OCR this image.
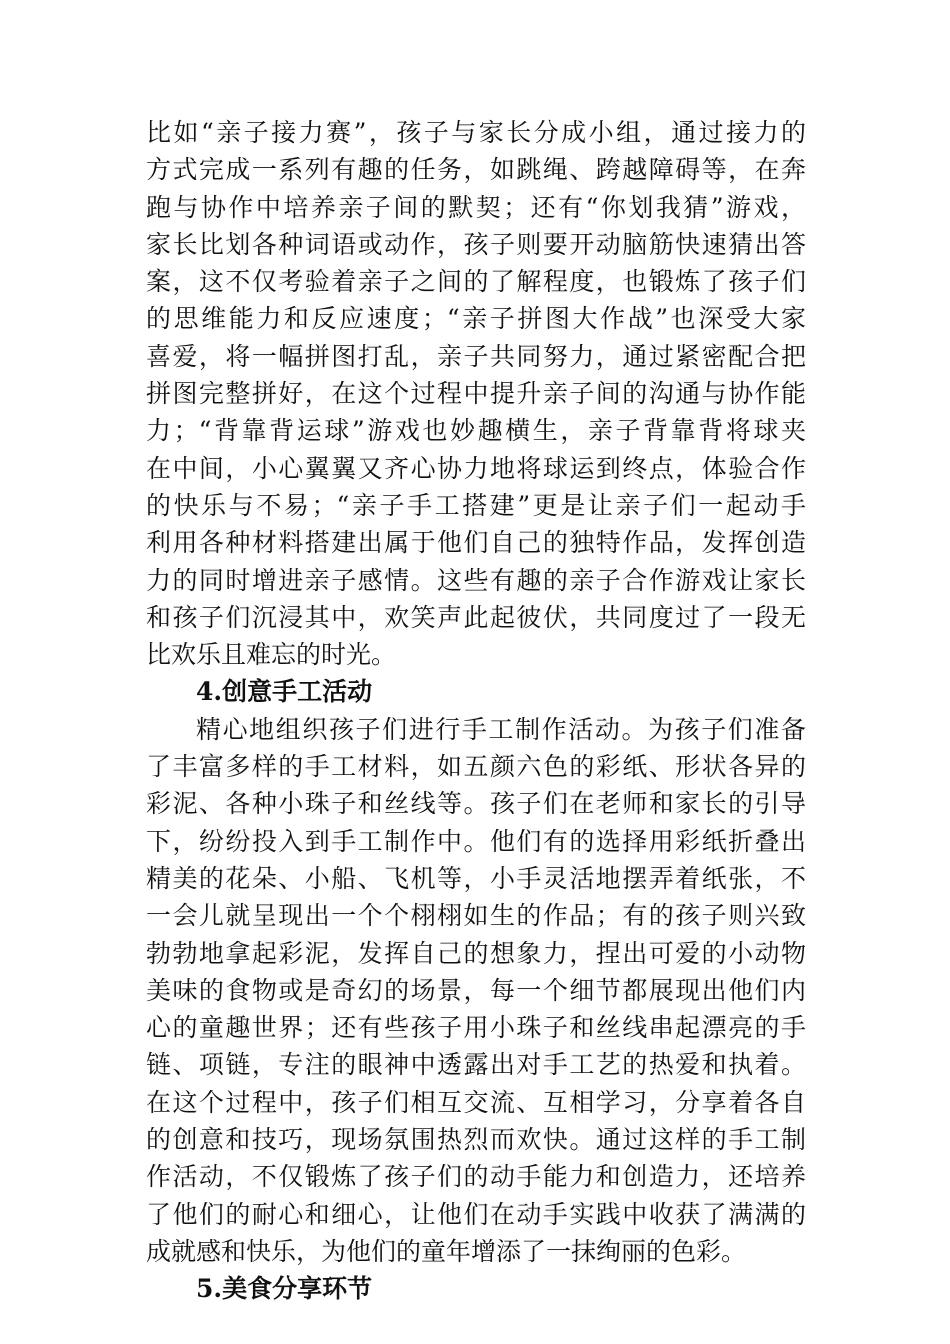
比如“亲子接力赛”，孩子与家长分成小组，通过接力的
方式完成一系列有趣的任务，如跳绳、跨越障碍等，在奔
跑与协作中培养亲子间的默契；还有“你划我猜”游戏，
家长比划各种词语或动作，孩子则要开动脑筋快速猜出答
案，这不仅考验着亲子之间的了解程度，也锻炼了孩子们
的思维能力和反应速度；“亲子拼图大作战”也深受大家
喜爱，将一幅拼图打乱，亲子共同努力，通过紧密配合把
拼图完整拼好，在这个过程中提升亲子间的沟通与协作能
力；“背靠背运球”游戏也妙趣横生，亲子背靠背将球夹
在中间，小心翼翼又齐心协力地将球运到终点，体验合作
的快乐与不易；“亲子手工搭建”更是让亲子们一起动手
利用各种材料搭建出属于他们自己的独特作品，发挥创造
力的同时增进亲子感情。这些有趣的亲子合作游戏让家长
和孩子们沉浸其中，欢笑声此起彼伏，共同度过了一段无
比欢乐且难忘的时光。
4.创意手工活动
精心地组织孩子们进行手工制作活动。为孩子们准备
了丰富多样的手工材料，如五颜六色的彩纸、形状各异的
彩泥、各种小珠子和丝线等。孩子们在老师和家长的引导
下，纷纷投入到手工制作中。他们有的选择用彩纸折叠出
精美的花朵、小船、飞机等，小手灵活地摆弄着纸张，不
一会儿就呈现出一个个栩栩如生的作品；有的孩子则兴致
勃勃地拿起彩泥，发挥自己的想象力，捏出可爱的小动物
美味的食物或是奇幻的场景，每一个细节都展现出他们内
心的童趣世界；还有些孩子用小珠子和丝线串起漂亮的手
链、项链，专注的眼神中透露出对手工艺的热爱和执着。
在这个过程中，孩子们相互交流、互相学习，分享着各自
的创意和技巧，现场氛围热烈而欢快。通过这样的手工制
作活动，不仅锻炼了孩子们的动手能力和创造力，还培养
了他们的耐心和细心，让他们在动手实践中收获了满满的
成就感和快乐，为他们的童年增添了一抹绚丽的色彩。
5.美食分享环节
